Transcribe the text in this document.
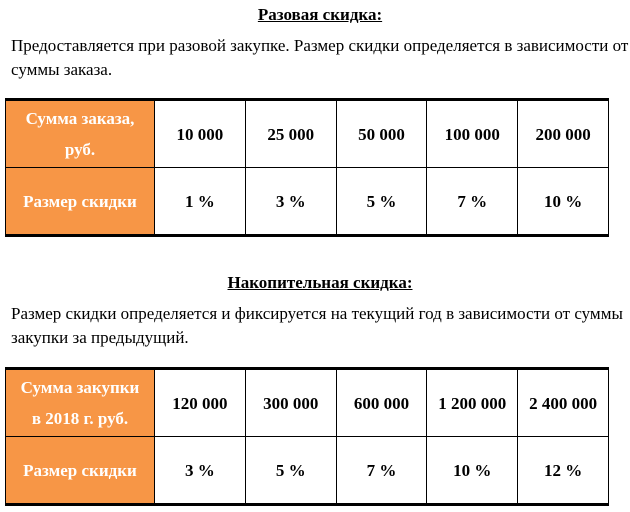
Разовая скидка:

Предоставляется при разовой закупке. Размер скидки определяется в зависимости от суммы заказа.

Сумма заказа,
руб.	10 000	25 000	50 000	100 000	200 000
Размер скидки	1 %	3 %	5 %	7 %	10 %

Накопительная скидка:

Размер скидки определяется и фиксируется на текущий год в зависимости от суммы закупки за предыдущий.

Сумма закупки
в 2018 г. руб.	120 000	300 000	600 000	1 200 000	2 400 000
Размер скидки	3 %	5 %	7 %	10 %	12 %
